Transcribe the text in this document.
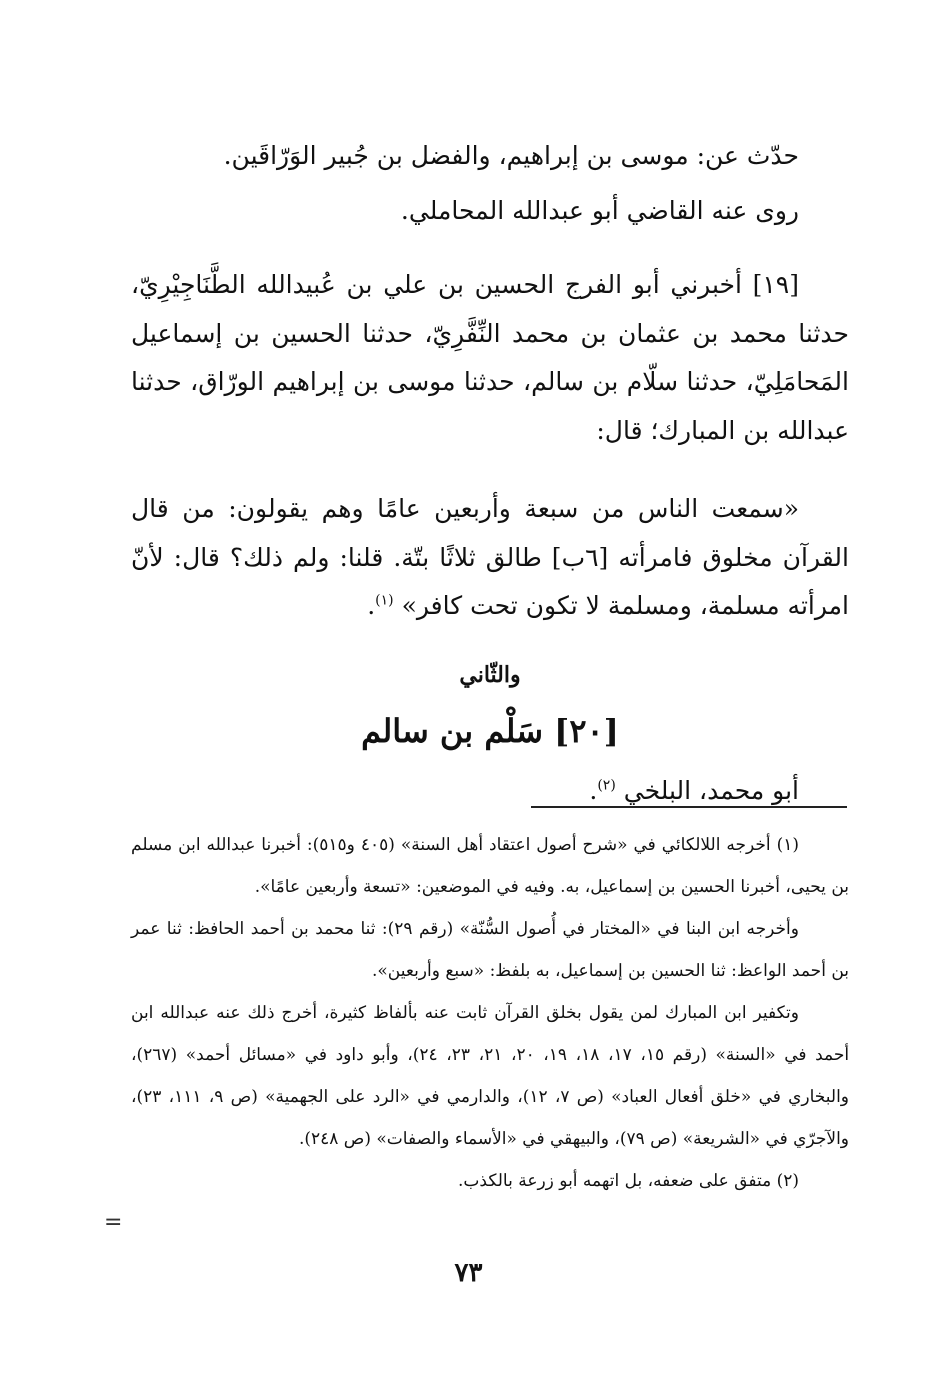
حدّث عن: موسى بن إبراهيم، والفضل بن جُبير الوَرّاقَين.

روى عنه القاضي أبو عبدالله المحاملي.

[١٩] أخبرني أبو الفرج الحسين بن علي بن عُبيدالله الطَّنَاجِيْرِيّ، حدثنا محمد بن عثمان بن محمد النِّفَّرِيّ، حدثنا الحسين بن إسماعيل المَحامَلِيّ، حدثنا سلّام بن سالم، حدثنا موسى بن إبراهيم الورّاق، حدثنا عبدالله بن المبارك؛ قال:

«سمعت الناس من سبعة وأربعين عامًا وهم يقولون: من قال القرآن مخلوق فامرأته [٦ب] طالق ثلاثًا بتّة. قلنا: ولم ذلك؟ قال: لأنّ امرأته مسلمة، ومسلمة لا تكون تحت كافر» $^{(١)}$.

والثّاني

[٢٠] سَلْم بن سالم

أبو محمد، البلخي $^{(٢)}$.

(١) أخرجه اللالكائي في «شرح أصول اعتقاد أهل السنة» (٤٠٥ و٥١٥): أخبرنا عبدالله ابن مسلم بن يحيى، أخبرنا الحسين بن إسماعيل، به. وفيه في الموضعين: «تسعة وأربعين عامًا».

وأخرجه ابن البنا في «المختار في أُصول السُّنّة» (رقم ٢٩): ثنا محمد بن أحمد الحافظ: ثنا عمر بن أحمد الواعظ: ثنا الحسين بن إسماعيل، به بلفظ: «سبع وأربعين».

وتكفير ابن المبارك لمن يقول بخلق القرآن ثابت عنه بألفاظ كثيرة، أخرج ذلك عنه عبدالله ابن أحمد في «السنة» (رقم ١٥، ١٧، ١٨، ١٩، ٢٠، ٢١، ٢٣، ٢٤)، وأبو داود في «مسائل أحمد» (٢٦٧)، والبخاري في «خلق أفعال العباد» (ص ٧، ١٢)، والدارمي في «الرد على الجهمية» (ص ٩، ١١١، ٢٣)، والآجرّي في «الشريعة» (ص ٧٩)، والبيهقي في «الأسماء والصفات» (ص ٢٤٨).

(٢) متفق على ضعفه، بل اتهمه أبو زرعة بالكذب.

=
٧٣
